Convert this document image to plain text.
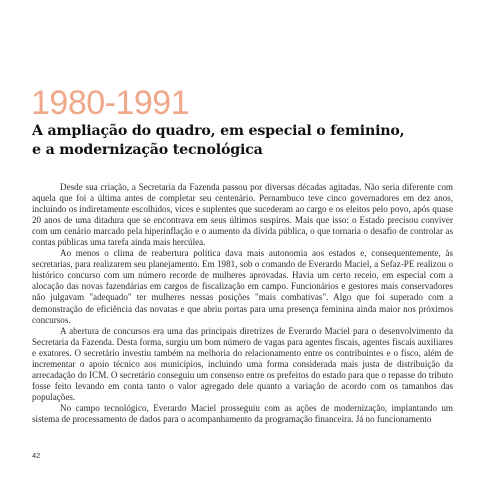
1980-1991
A ampliação do quadro, em especial o feminino,
e a modernização tecnológica

Desde sua criação, a Secretaria da Fazenda passou por diversas décadas agitadas. Não seria diferente com aquela que foi a última antes de completar seu centenário. Pernambuco teve cinco governadores em dez anos, incluindo os indiretamente escolhidos, vices e suplentes que sucederam ao cargo e os eleitos pelo povo, após quase 20 anos de uma ditadura que se encontrava em seus últimos suspiros. Mais que isso: o Estado precisou conviver com um cenário marcado pela hiperinflação e o aumento da dívida pública, o que tornaria o desafio de controlar as contas públicas uma tarefa ainda mais hercúlea.

Ao menos o clima de reabertura política dava mais autonomia aos estados e, consequentemente, às secretarias, para realizarem seu planejamento. Em 1981, sob o comando de Everardo Maciel, a Sefaz-PE realizou o histórico concurso com um número recorde de mulheres aprovadas. Havia um certo receio, em especial com a alocação das novas fazendárias em cargos de fiscalização em campo. Funcionários e gestores mais conservadores não julgavam "adequado" ter mulheres nessas posições "mais combativas". Algo que foi superado com a demonstração de eficiência das novatas e que abriu portas para uma presença feminina ainda maior nos próximos concursos.

A abertura de concursos era uma das principais diretrizes de Everardo Maciel para o desenvolvimento da Secretaria da Fazenda. Desta forma, surgiu um bom número de vagas para agentes fiscais, agentes fiscais auxiliares e exatores. O secretário investiu também na melhoria do relacionamento entre os contribuintes e o fisco, além de incrementar o apoio técnico aos municípios, incluindo uma forma considerada mais justa de distribuição da arrecadação do ICM. O secretário conseguiu um consenso entre os prefeitos do estado para que o repasse do tributo fosse feito levando em conta tanto o valor agregado dele quanto a variação de acordo com os tamanhos das populações.

No campo tecnológico, Everardo Maciel prosseguiu com as ações de modernização, implantando um sistema de processamento de dados para o acompanhamento da programação financeira. Já no funcionamento

42
